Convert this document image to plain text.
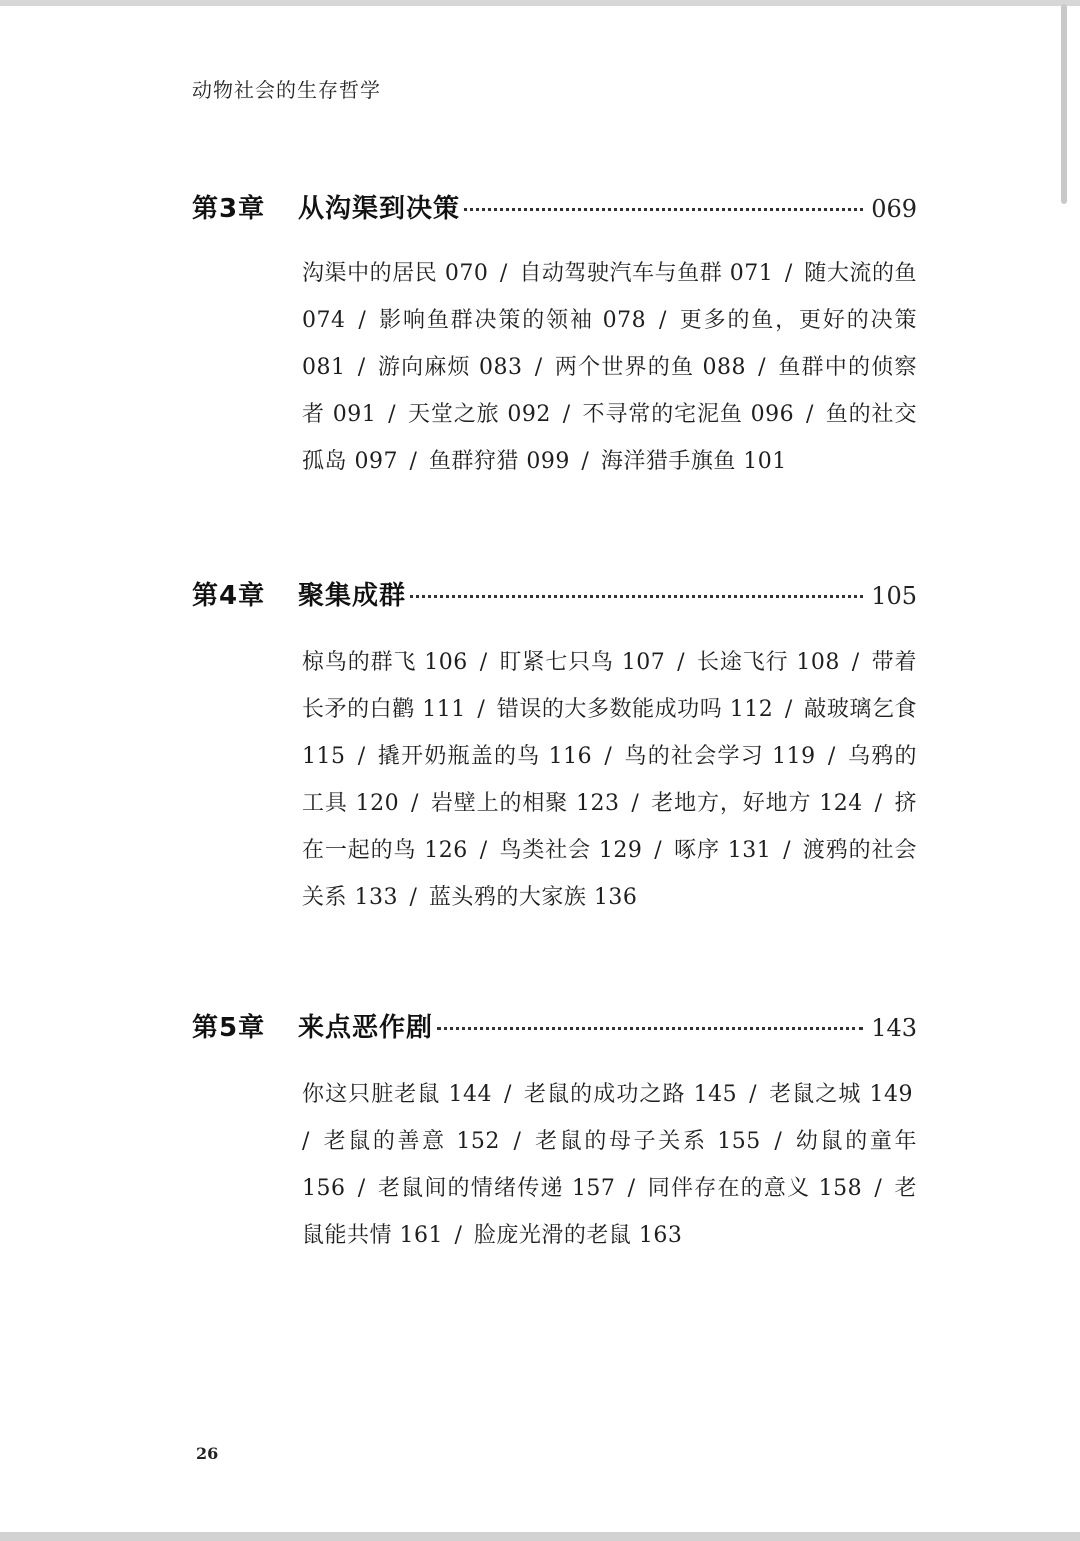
动物社会的生存哲学
第3章	从沟渠到决策	069
沟渠中的居民 070 / 自动驾驶汽车与鱼群 071 / 随大流的鱼 074 / 影响鱼群决策的领袖 078 / 更多的鱼，更好的决策 081 / 游向麻烦 083 / 两个世界的鱼 088 / 鱼群中的侦察者 091 / 天堂之旅 092 / 不寻常的宅泥鱼 096 / 鱼的社交孤岛 097 / 鱼群狩猎 099 / 海洋猎手旗鱼 101
第4章	聚集成群	105
椋鸟的群飞 106 / 盯紧七只鸟 107 / 长途飞行 108 / 带着长矛的白鹳 111 / 错误的大多数能成功吗 112 / 敲玻璃乞食 115 / 撬开奶瓶盖的鸟 116 / 鸟的社会学习 119 / 乌鸦的工具 120 / 岩壁上的相聚 123 / 老地方，好地方 124 / 挤在一起的鸟 126 / 鸟类社会 129 / 啄序 131 / 渡鸦的社会关系 133 / 蓝头鸦的大家族 136
第5章	来点恶作剧	143
你这只脏老鼠 144 / 老鼠的成功之路 145 / 老鼠之城 149 / 老鼠的善意 152 / 老鼠的母子关系 155 / 幼鼠的童年 156 / 老鼠间的情绪传递 157 / 同伴存在的意义 158 / 老鼠能共情 161 / 脸庞光滑的老鼠 163
26
